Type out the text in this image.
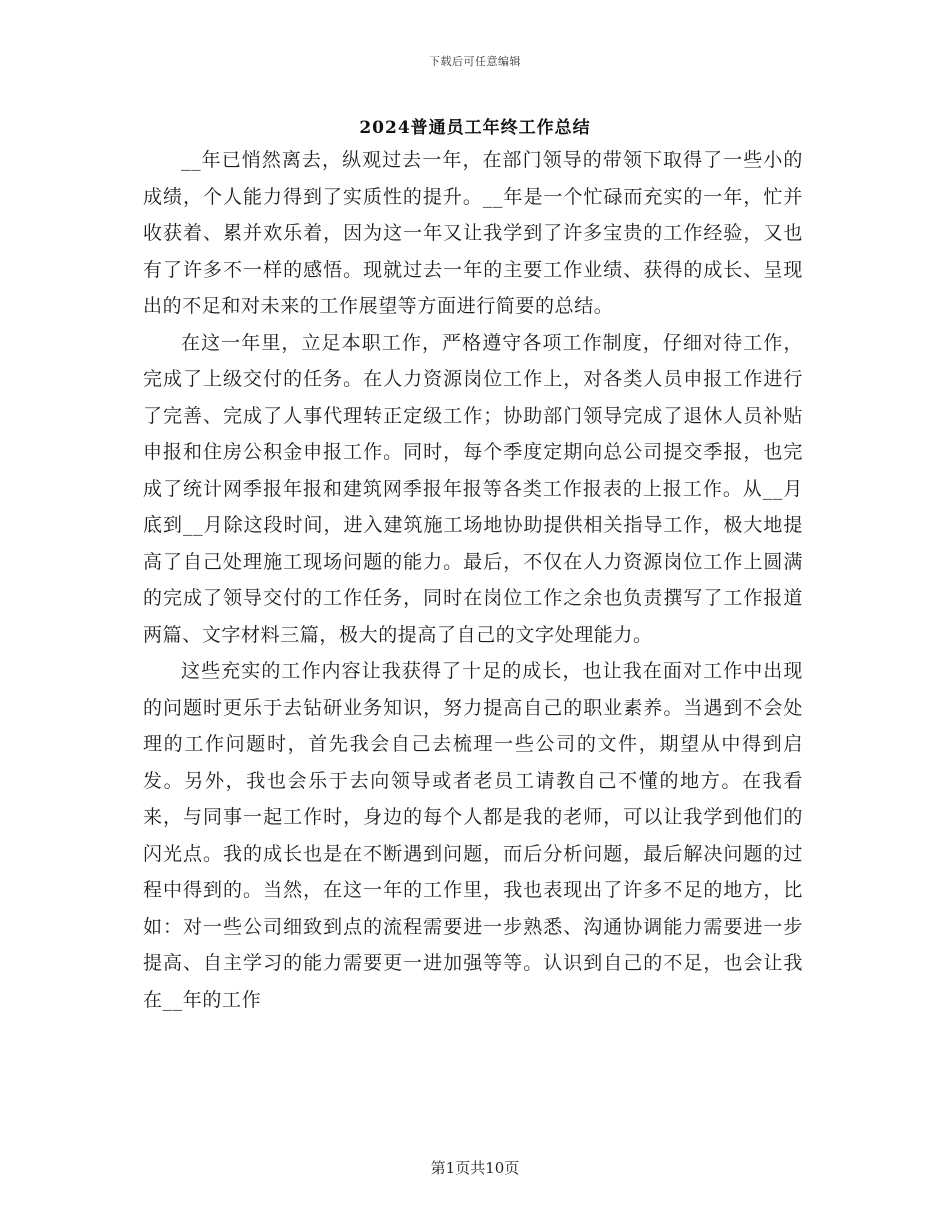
下载后可任意编辑
2024普通员工年终工作总结

__年已悄然离去，纵观过去一年，在部门领导的带领下取得了一些小的成绩，个人能力得到了实质性的提升。__年是一个忙碌而充实的一年，忙并收获着、累并欢乐着，因为这一年又让我学到了许多宝贵的工作经验，又也有了许多不一样的感悟。现就过去一年的主要工作业绩、获得的成长、呈现出的不足和对未来的工作展望等方面进行简要的总结。

在这一年里，立足本职工作，严格遵守各项工作制度，仔细对待工作，完成了上级交付的任务。在人力资源岗位工作上，对各类人员申报工作进行了完善、完成了人事代理转正定级工作；协助部门领导完成了退休人员补贴申报和住房公积金申报工作。同时，每个季度定期向总公司提交季报，也完成了统计网季报年报和建筑网季报年报等各类工作报表的上报工作。从__月底到__月除这段时间，进入建筑施工场地协助提供相关指导工作，极大地提高了自己处理施工现场问题的能力。最后，不仅在人力资源岗位工作上圆满的完成了领导交付的工作任务，同时在岗位工作之余也负责撰写了工作报道两篇、文字材料三篇，极大的提高了自己的文字处理能力。

这些充实的工作内容让我获得了十足的成长，也让我在面对工作中出现的问题时更乐于去钻研业务知识，努力提高自己的职业素养。当遇到不会处理的工作问题时，首先我会自己去梳理一些公司的文件，期望从中得到启发。另外，我也会乐于去向领导或者老员工请教自己不懂的地方。在我看来，与同事一起工作时，身边的每个人都是我的老师，可以让我学到他们的闪光点。我的成长也是在不断遇到问题，而后分析问题，最后解决问题的过程中得到的。当然，在这一年的工作里，我也表现出了许多不足的地方，比如：对一些公司细致到点的流程需要进一步熟悉、沟通协调能力需要进一步提高、自主学习的能力需要更一进加强等等。认识到自己的不足，也会让我在__年的工作

第1页共10页
